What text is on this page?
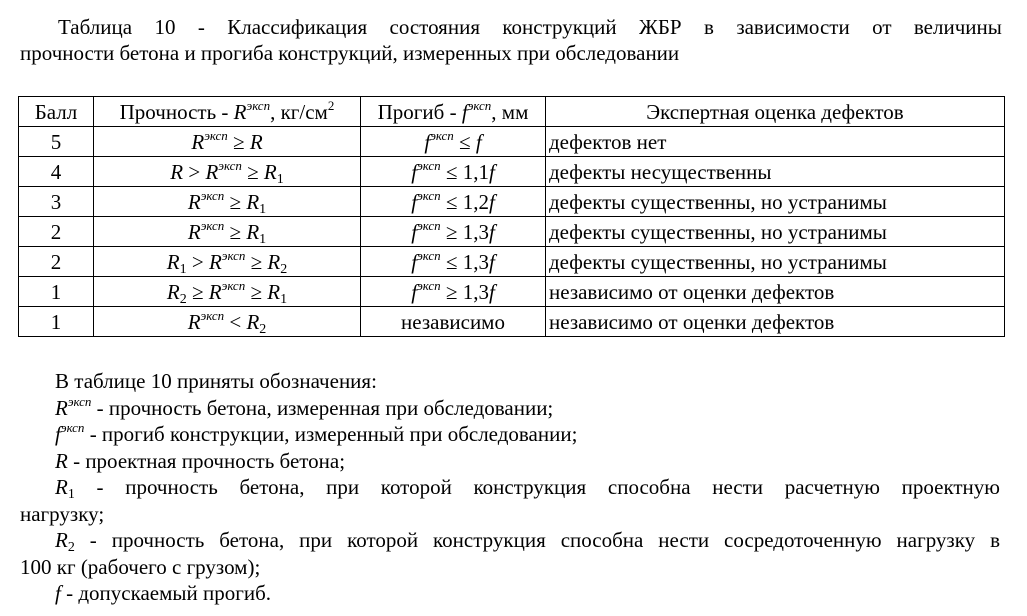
Таблица 10 - Классификация состояния конструкций ЖБР в зависимости от величины
прочности бетона и прогиба конструкций, измеренных при обследовании
Балл	Прочность - $R^{эксп}$, $кг/см^2$	Прогиб - $f^{эксп}$, мм	Экспертная оценка дефектов
5	$R^{эксп} \ge R$	$f^{эксп} \le f$	дефектов нет
4	$R > R^{эксп} \ge R_1$	$f^{эксп} \le 1,1f$	дефекты несущественны
3	$R^{эксп} \ge R_1$	$f^{эксп} \le 1,2f$	дефекты существенны, но устранимы
2	$R^{эксп} \ge R_1$	$f^{эксп} \ge 1,3f$	дефекты существенны, но устранимы
2	$R_1 > R^{эксп} \ge R_2$	$f^{эксп} \le 1,3f$	дефекты существенны, но устранимы
1	$R_2 \ge R^{эксп} \ge R_1$	$f^{эксп} \ge 1,3f$	независимо от оценки дефектов
1	$R^{эксп} < R_2$	независимо	независимо от оценки дефектов

В таблице 10 приняты обозначения:

$R^{эксп}$ - прочность бетона, измеренная при обследовании;

$f^{эксп}$ - прогиб конструкции, измеренный при обследовании;

R - проектная прочность бетона;

$R_1$ - прочность бетона, при которой конструкция способна нести расчетную проектную

нагрузку;

$R_2$ - прочность бетона, при которой конструкция способна нести сосредоточенную нагрузку в

100 кг (рабочего с грузом);

f - допускаемый прогиб.
